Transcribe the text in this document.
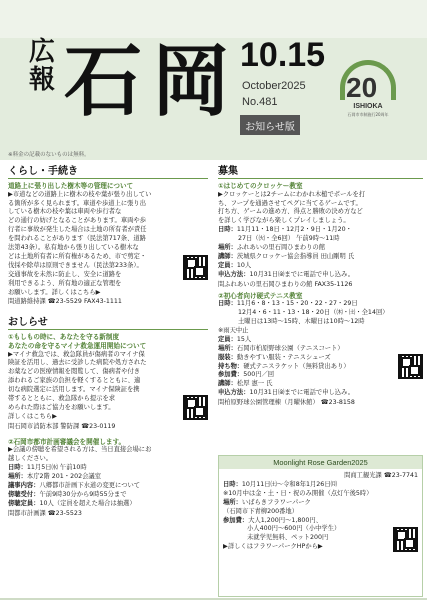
広
報 石岡 10.15
October2025
No.481
お知らせ版
20
ISHIOKA
石岡市市制施行20周年
※料金の記載のないものは無料。
くらし・手続き
道路上に張り出した樹木等の管理について
▶市道などの道路上に樹木の枝や葉が張り出してい
る箇所が多く見られます。車道や歩道上に張り出
している樹木の枝や葉は車両や歩行者な
どの通行の妨げとなることがあります。車両や歩
行者に事故が発生した場合は土地の所有者が責任
を問われることがあります（民法第717条、道路
法第43条）。私有地から張り出している樹木な
どは土地所有者に所有権があるため、市で剪定・
伐採や除草は原則できません（民法第233条）。
交通事故を未然に防止し、安全に道路を
利用できるよう、所有地の適正な管理を
お願いします。詳しくはこちら▶
問道路維持課 ☎23-5529 FAX43-1111
おしらせ
①もしもの時に、あなたを守る新制度
あなたの命を守るマイナ救急運用開始について
▶マイナ救急では、救急隊員が傷病者のマイナ保
険証を活用し、過去に受診した病院や処方された
お薬などの医療情報を閲覧して、傷病者や付き
添われるご家族の負担を軽くするとともに、適
切な病院選定に活用します。マイナ保険証を携
帯するとともに、救急隊から提示を求
められた際はご協力をお願いします。
詳しくはこちら▶
問石岡市消防本部 警防課 ☎23-0119
②石岡市都市計画審議会を開催します。
▶会議の傍聴を希望される方は、当日直接会場にお
越しください。
日時：11月5日㈬ 午前10時
場所：本庁2階 201・202会議室
議事内容：八郷都市計画下水道の変更について
傍聴受付：午前9時30分から9時55分まで
傍聴定員：10人（定員を超えた場合は抽選）
問都市計画課 ☎23-5523
募集
①はじめてのクロッケー教室
▶クロッケーとは2チームにわかれ木槌でボールを打
ち、フープを通過させてペグに当てるゲームです。
打ち方、ゲームの進め方、得点と勝敗の決め方など
を詳しく学びながら楽しくプレイしましょう。
日時：11月11・18日・12月2・9日・1月20・
27日（㈫・全6回） 午前9時～11時
場所：ふれあいの里石岡ひまわりの館
講師：茨城県クロッケー協会指導員 田山剛明 氏
定員：10人
申込方法：10月31日㈮までに電話で申し込み。
問ふれあいの里石岡ひまわりの館 FAX35-1126
②初心者向け硬式テニス教室
日時：11月6・8・13・15・20・22・27・29日
12月4・6・11・13・18・20日（㈭・㈯・全14回）
土曜日は13時～15時、木曜日は10時～12時
※雨天中止
定員：15人
場所：石岡市柏原野球公園（テニスコート）
服装：動きやすい服装・テニスシューズ
持ち物：硬式テニスラケット（無料貸出あり）
参加費：500円／回
講師：松厚 憲一 氏
申込方法：10月31日㈮までに電話で申し込み。
問柏原野球公園管理棟（月曜休館） ☎23-8158
Moonlight Rose Garden2025
問商工観光課 ☎23-7741
日時：10月11日㈯～令和8年1月26日㈪
※10月中は金・土・日・祝のみ開催（点灯午後5時）
場所：いばらきフラワーパーク
（石岡市下青柳200番地）
参加費：大人1,200円～1,800円、
小人400円～600円（小中学生）
未就学児無料、ペット200円
▶詳しくはフラワーパークHPから▶
